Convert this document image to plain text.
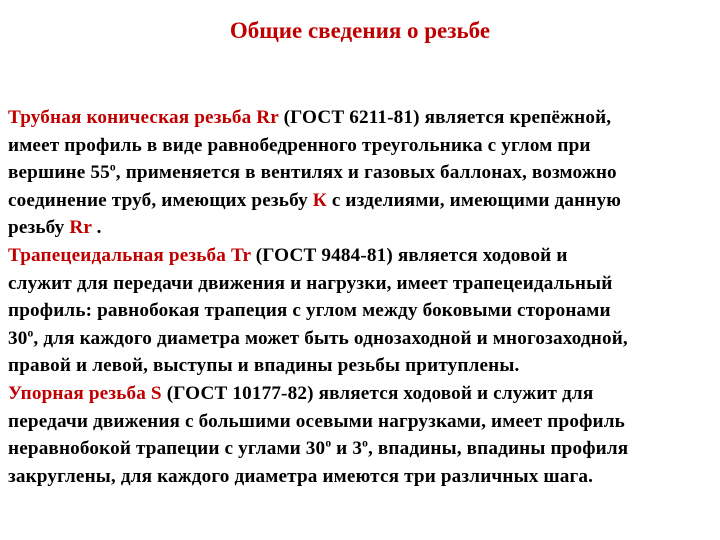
Общие сведения о резьбе
Трубная коническая резьба Rr (ГОСТ 6211-81) является крепёжной,
имеет профиль в виде равнобедренного треугольника с углом при
вершине $55^о$, применяется в вентилях и газовых баллонах, возможно
соединение труб, имеющих резьбу К с изделиями, имеющими данную
резьбу Rr .
Трапецеидальная резьба Tr (ГОСТ 9484-81) является ходовой и
служит для передачи движения и нагрузки, имеет трапецеидальный
профиль: равнобокая трапеция с углом между боковыми сторонами
$30^о$, для каждого диаметра может быть однозаходной и многозаходной,
правой и левой, выступы и впадины резьбы притуплены.
Упорная резьба S (ГОСТ 10177-82) является ходовой и служит для
передачи движения с большими осевыми нагрузками, имеет профиль
неравнобокой трапеции с углами $30^о$ и $3^о$, впадины, впадины профиля
закруглены, для каждого диаметра имеются три различных шага.
